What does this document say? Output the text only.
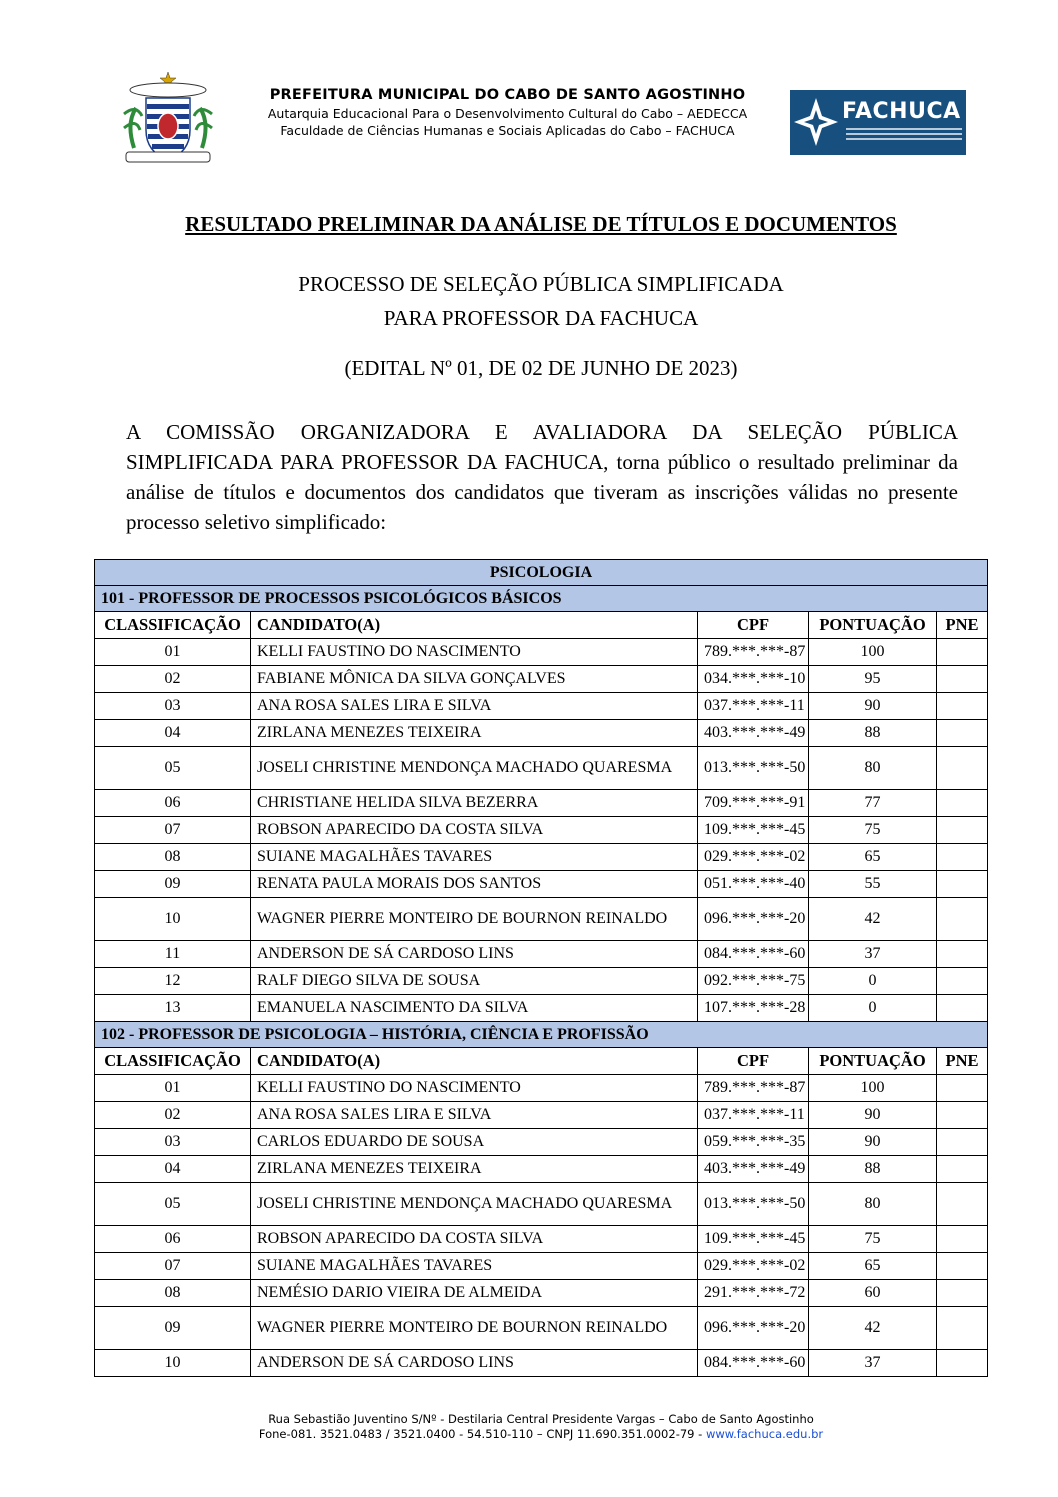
PREFEITURA MUNICIPAL DO CABO DE SANTO AGOSTINHO
Autarquia Educacional Para o Desenvolvimento Cultural do Cabo – AEDECCA
Faculdade de Ciências Humanas e Sociais Aplicadas do Cabo – FACHUCA
FACHUCA
RESULTADO PRELIMINAR DA ANÁLISE DE TÍTULOS E DOCUMENTOS
PROCESSO DE SELEÇÃO PÚBLICA SIMPLIFICADA
PARA PROFESSOR DA FACHUCA
(EDITAL Nº 01, DE 02 DE JUNHO DE 2023)
A COMISSÃO ORGANIZADORA E AVALIADORA DA SELEÇÃO PÚBLICA SIMPLIFICADA PARA PROFESSOR DA FACHUCA, torna público o resultado preliminar da análise de títulos e documentos dos candidatos que tiveram as inscrições válidas no presente processo seletivo simplificado:
PSICOLOGIA				
101 - PROFESSOR DE PROCESSOS PSICOLÓGICOS BÁSICOS				
CLASSIFICAÇÃO	CANDIDATO(A)	CPF	PONTUAÇÃO	PNE
01	KELLI FAUSTINO DO NASCIMENTO	789.***.***-87	100	
02	FABIANE MÔNICA DA SILVA GONÇALVES	034.***.***-10	95	
03	ANA ROSA SALES LIRA E SILVA	037.***.***-11	90	
04	ZIRLANA MENEZES TEIXEIRA	403.***.***-49	88	
05	JOSELI CHRISTINE MENDONÇA MACHADO QUARESMA	013.***.***-50	80	
06	CHRISTIANE HELIDA SILVA BEZERRA	709.***.***-91	77	
07	ROBSON APARECIDO DA COSTA SILVA	109.***.***-45	75	
08	SUIANE MAGALHÃES TAVARES	029.***.***-02	65	
09	RENATA PAULA MORAIS DOS SANTOS	051.***.***-40	55	
10	WAGNER PIERRE MONTEIRO DE BOURNON REINALDO	096.***.***-20	42	
11	ANDERSON DE SÁ CARDOSO LINS	084.***.***-60	37	
12	RALF DIEGO SILVA DE SOUSA	092.***.***-75	0	
13	EMANUELA NASCIMENTO DA SILVA	107.***.***-28	0	
102 - PROFESSOR DE PSICOLOGIA – HISTÓRIA, CIÊNCIA E PROFISSÃO				
CLASSIFICAÇÃO	CANDIDATO(A)	CPF	PONTUAÇÃO	PNE
01	KELLI FAUSTINO DO NASCIMENTO	789.***.***-87	100	
02	ANA ROSA SALES LIRA E SILVA	037.***.***-11	90	
03	CARLOS EDUARDO DE SOUSA	059.***.***-35	90	
04	ZIRLANA MENEZES TEIXEIRA	403.***.***-49	88	
05	JOSELI CHRISTINE MENDONÇA MACHADO QUARESMA	013.***.***-50	80	
06	ROBSON APARECIDO DA COSTA SILVA	109.***.***-45	75	
07	SUIANE MAGALHÃES TAVARES	029.***.***-02	65	
08	NEMÉSIO DARIO VIEIRA DE ALMEIDA	291.***.***-72	60	
09	WAGNER PIERRE MONTEIRO DE BOURNON REINALDO	096.***.***-20	42	
10	ANDERSON DE SÁ CARDOSO LINS	084.***.***-60	37	
Rua Sebastião Juventino S/Nº - Destilaria Central Presidente Vargas – Cabo de Santo Agostinho
Fone-081. 3521.0483 / 3521.0400 - 54.510-110 – CNPJ 11.690.351.0002-79 - www.fachuca.edu.br
